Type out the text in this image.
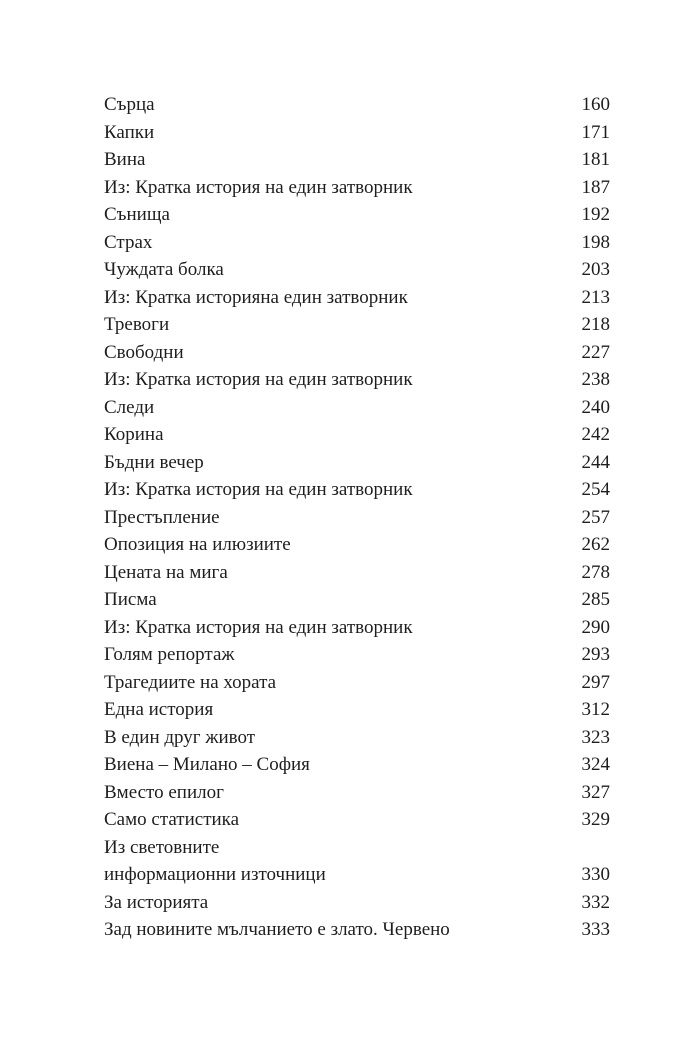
Сърца	160
Капки	171
Вина	181
Из: Кратка история на един затворник	187
Сънища	192
Страх	198
Чуждата болка	203
Из: Кратка историяна един затворник	213
Тревоги	218
Свободни	227
Из: Кратка история на един затворник	238
Следи	240
Корина	242
Бъдни вечер	244
Из: Кратка история на един затворник	254
Престъпление	257
Опозиция на илюзиите	262
Цената на мига	278
Писма	285
Из: Кратка история на един затворник	290
Голям репортаж	293
Трагедиите на хората	297
Една история	312
В един друг живот	323
Виена – Милано – София	324
Вместо епилог	327
Само статистика	329
Из световните
информационни източници	330
За историята	332
Зад новините мълчанието е злато. Червено	333
